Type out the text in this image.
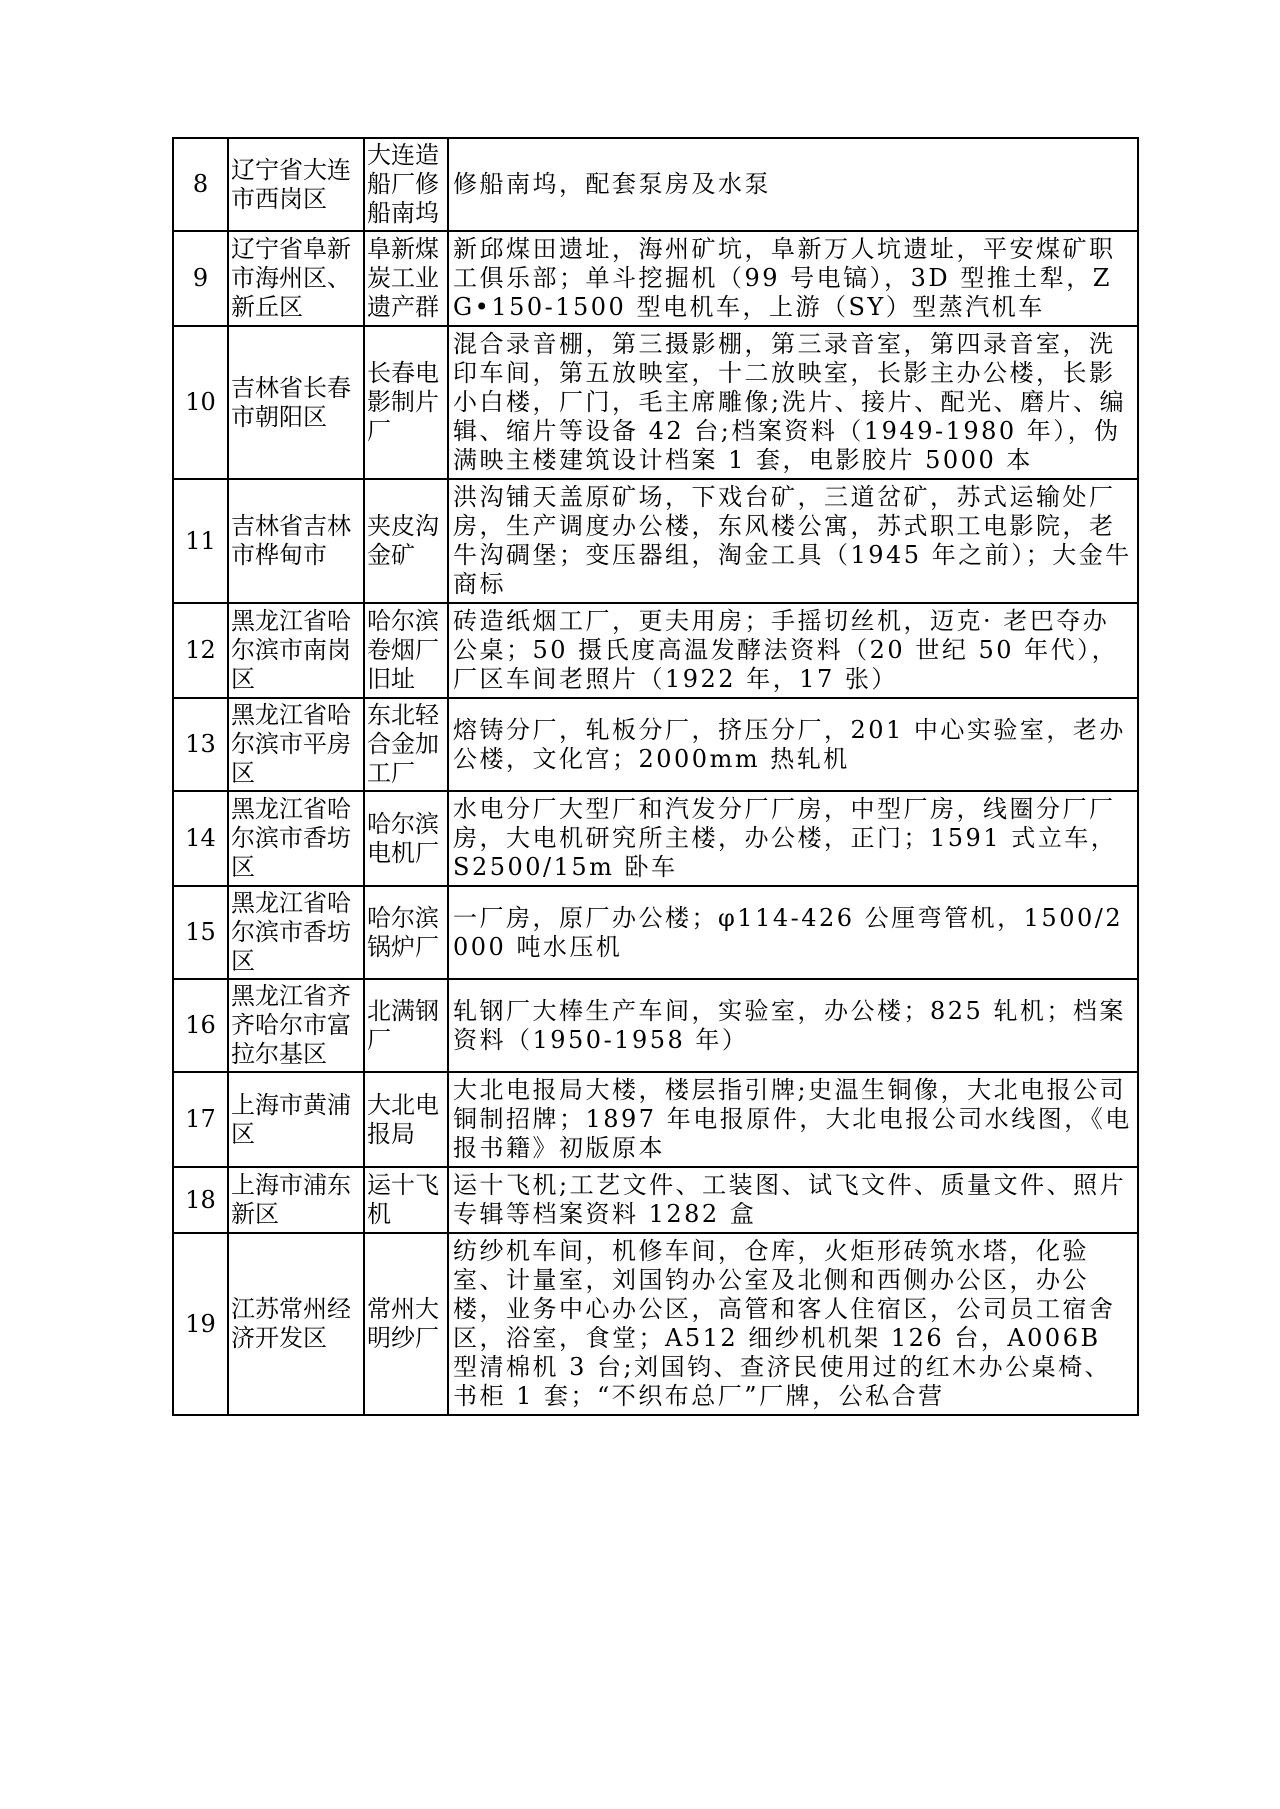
8	辽宁省大连市西岗区	大连造船厂修船南坞	修船南坞，配套泵房及水泵
9	辽宁省阜新市海州区、新丘区	阜新煤炭工业遗产群	新邱煤田遗址，海州矿坑，阜新万人坑遗址，平安煤矿职工俱乐部；单斗挖掘机（99 号电镐），3D 型推土犁，ZG•150-1500 型电机车，上游（SY）型蒸汽机车
10	吉林省长春市朝阳区	长春电影制片厂	混合录音棚，第三摄影棚，第三录音室，第四录音室，洗印车间，第五放映室，十二放映室，长影主办公楼，长影小白楼，厂门，毛主席雕像;洗片、接片、配光、磨片、编辑、缩片等设备 42 台;档案资料（1949-1980 年），伪满映主楼建筑设计档案 1 套，电影胶片 5000 本
11	吉林省吉林市桦甸市	夹皮沟金矿	洪沟铺天盖原矿场，下戏台矿，三道岔矿，苏式运输处厂房，生产调度办公楼，东风楼公寓，苏式职工电影院，老牛沟碉堡；变压器组，淘金工具（1945 年之前）；大金牛商标
12	黑龙江省哈尔滨市南岗区	哈尔滨卷烟厂旧址	砖造纸烟工厂，更夫用房；手摇切丝机，迈克· 老巴夺办公桌；50 摄氏度高温发酵法资料（20 世纪 50 年代），厂区车间老照片（1922 年，17 张）
13	黑龙江省哈尔滨市平房区	东北轻合金加工厂	熔铸分厂，轧板分厂，挤压分厂，201 中心实验室，老办公楼，文化宫；2000mm 热轧机
14	黑龙江省哈尔滨市香坊区	哈尔滨电机厂	水电分厂大型厂和汽发分厂厂房，中型厂房，线圈分厂厂房，大电机研究所主楼，办公楼，正门；1591 式立车，S2500/15m 卧车
15	黑龙江省哈尔滨市香坊区	哈尔滨锅炉厂	一厂房，原厂办公楼；φ114-426 公厘弯管机，1500/2000 吨水压机
16	黑龙江省齐齐哈尔市富拉尔基区	北满钢厂	轧钢厂大棒生产车间，实验室，办公楼；825 轧机；档案资料（1950-1958 年）
17	上海市黄浦区	大北电报局	大北电报局大楼，楼层指引牌;史温生铜像，大北电报公司铜制招牌；1897 年电报原件，大北电报公司水线图，《电报书籍》初版原本
18	上海市浦东新区	运十飞机	运十飞机;工艺文件、工装图、试飞文件、质量文件、照片专辑等档案资料 1282 盒
19	江苏常州经济开发区	常州大明纱厂	纺纱机车间，机修车间，仓库，火炬形砖筑水塔，化验室、计量室，刘国钧办公室及北侧和西侧办公区，办公楼，业务中心办公区，高管和客人住宿区，公司员工宿舍区，浴室，食堂；A512 细纱机机架 126 台，A006B 型清棉机 3 台;刘国钧、查济民使用过的红木办公桌椅、书柜 1 套；“不织布总厂”厂牌，公私合营
